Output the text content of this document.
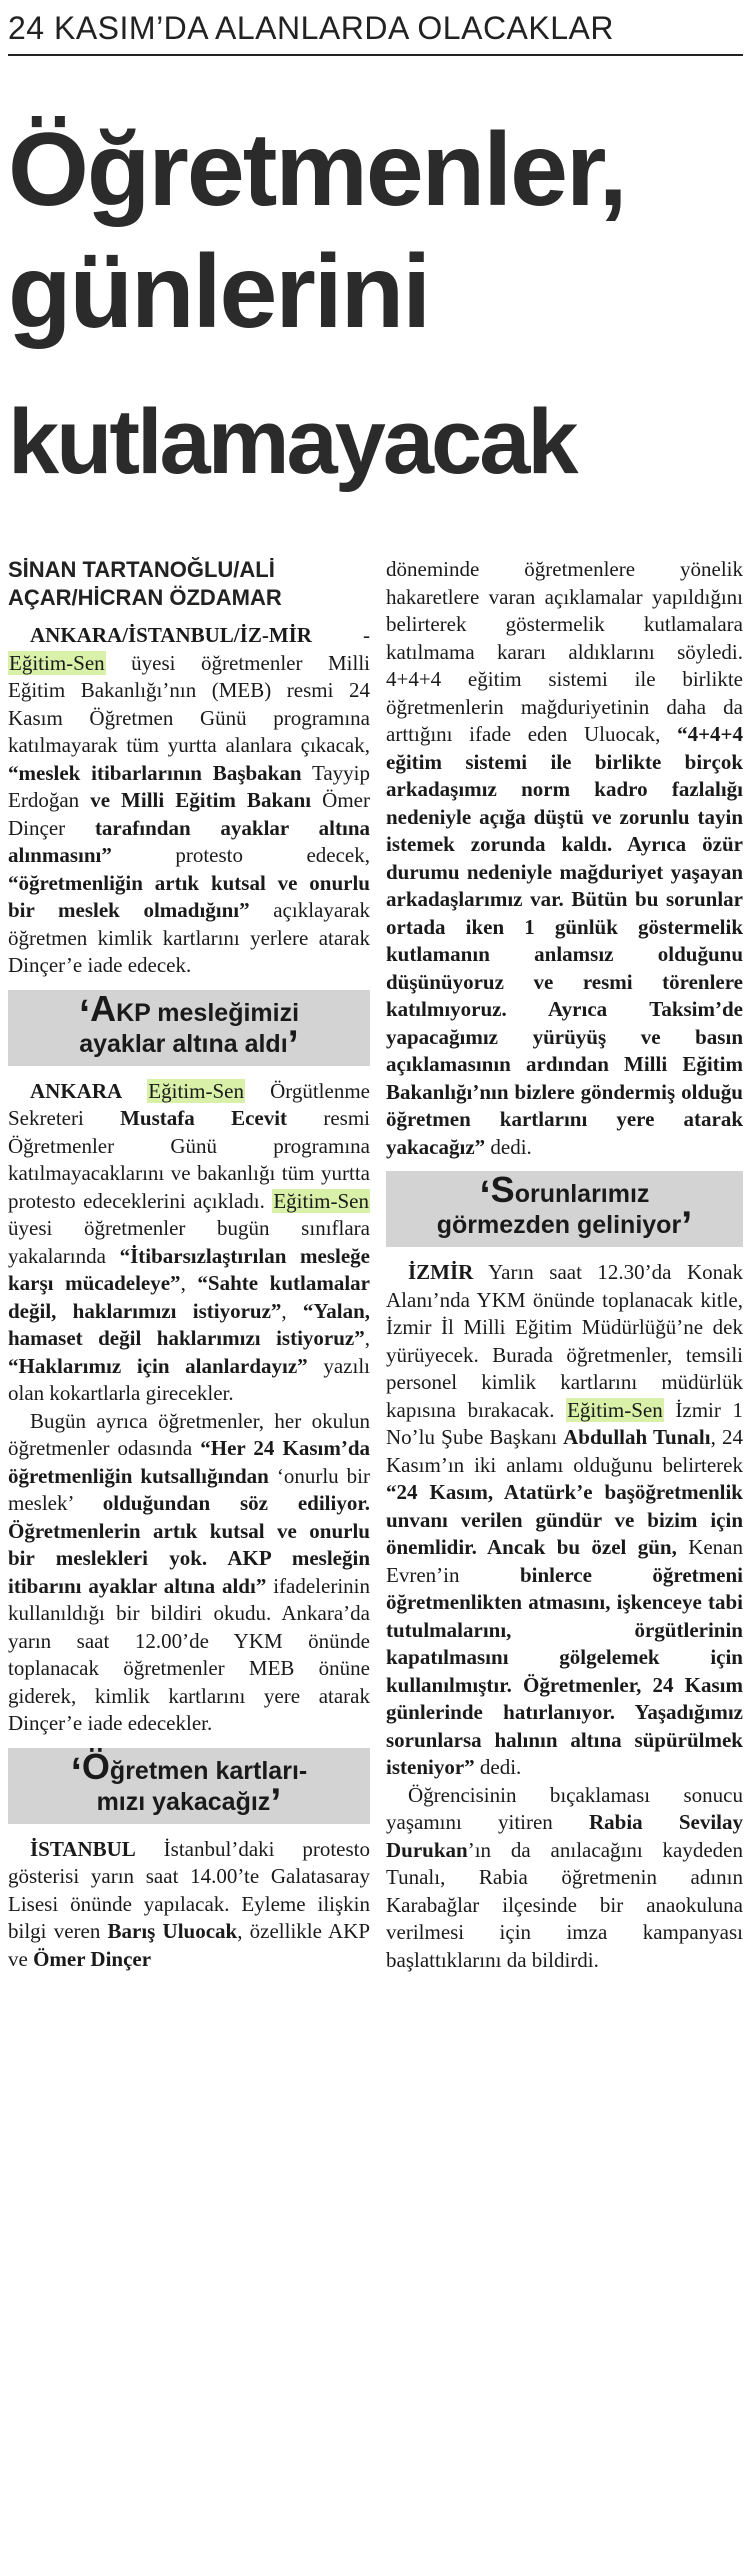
24 KASIM’DA ALANLARDA OLACAKLAR
Öğretmenler,
günlerini
kutlamayacak
SİNAN TARTANOĞLU/ALİ
AÇAR/HİCRAN ÖZDAMAR

ANKARA/İSTANBUL/İZ-MİR - Eğitim-Sen üyesi öğretmenler Milli Eğitim Bakanlığı’nın (MEB) resmi 24 Kasım Öğretmen Günü programına katılmayarak tüm yurtta alanlara çıkacak, “meslek itibarlarının Başbakan Tayyip Erdoğan ve Milli Eğitim Bakanı Ömer Dinçer tarafından ayaklar altına alınmasını” protesto edecek, “öğretmenliğin artık kutsal ve onurlu bir meslek olmadığını” açıklayarak öğretmen kimlik kartlarını yerlere atarak Dinçer’e iade edecek.

‘AKP mesleğimizi
ayaklar altına aldı’

ANKARA Eğitim-Sen Örgütlenme Sekreteri Mustafa Ecevit resmi Öğretmenler Günü programına katılmayacaklarını ve bakanlığı tüm yurtta protesto edeceklerini açıkladı. Eğitim-Sen üyesi öğretmenler bugün sınıflara yakalarında “İtibarsızlaştırılan mesleğe karşı mücadeleye”, “Sahte kutlamalar değil, haklarımızı istiyoruz”, “Yalan, hamaset değil haklarımızı istiyoruz”, “Haklarımız için alanlardayız” yazılı olan kokartlarla girecekler.

Bugün ayrıca öğretmenler, her okulun öğretmenler odasında “Her 24 Kasım’da öğretmenliğin kutsallığından ‘onurlu bir meslek’ olduğundan söz ediliyor. Öğretmenlerin artık kutsal ve onurlu bir meslekleri yok. AKP mesleğin itibarını ayaklar altına aldı” ifadelerinin kullanıldığı bir bildiri okudu. Ankara’da yarın saat 12.00’de YKM önünde toplanacak öğretmenler MEB önüne giderek, kimlik kartlarını yere atarak Dinçer’e iade edecekler.

‘Öğretmen kartları-
mızı yakacağız’

İSTANBUL İstanbul’daki protesto gösterisi yarın saat 14.00’te Galatasaray Lisesi önünde yapılacak. Eyleme ilişkin bilgi veren Barış Uluocak, özellikle AKP ve Ömer Dinçer

döneminde öğretmenlere yönelik hakaretlere varan açıklamalar yapıldığını belirterek göstermelik kutlamalara katılmama kararı aldıklarını söyledi. 4+4+4 eğitim sistemi ile birlikte öğretmenlerin mağduriyetinin daha da arttığını ifade eden Uluocak, “4+4+4 eğitim sistemi ile birlikte birçok arkadaşımız norm kadro fazlalığı nedeniyle açığa düştü ve zorunlu tayin istemek zorunda kaldı. Ayrıca özür durumu nedeniyle mağduriyet yaşayan arkadaşlarımız var. Bütün bu sorunlar ortada iken 1 günlük göstermelik kutlamanın anlamsız olduğunu düşünüyoruz ve resmi törenlere katılmıyoruz. Ayrıca Taksim’de yapacağımız yürüyüş ve basın açıklamasının ardından Milli Eğitim Bakanlığı’nın bizlere göndermiş olduğu öğretmen kartlarını yere atarak yakacağız” dedi.

‘Sorunlarımız
görmezden geliniyor’

İZMİR Yarın saat 12.30’da Konak Alanı’nda YKM önünde toplanacak kitle, İzmir İl Milli Eğitim Müdürlüğü’ne dek yürüyecek. Burada öğretmenler, temsili personel kimlik kartlarını müdürlük kapısına bırakacak. Eğitim-Sen İzmir 1 No’lu Şube Başkanı Abdullah Tunalı, 24 Kasım’ın iki anlamı olduğunu belirterek “24 Kasım, Atatürk’e başöğretmenlik unvanı verilen gündür ve bizim için önemlidir. Ancak bu özel gün, Kenan Evren’in binlerce öğretmeni öğretmenlikten atmasını, işkenceye tabi tutulmalarını, örgütlerinin kapatılmasını gölgelemek için kullanılmıştır. Öğretmenler, 24 Kasım günlerinde hatırlanıyor. Yaşadığımız sorunlarsa halının altına süpürülmek isteniyor” dedi.

Öğrencisinin bıçaklaması sonucu yaşamını yitiren Rabia Sevilay Durukan’ın da anılacağını kaydeden Tunalı, Rabia öğretmenin adının Karabağlar ilçesinde bir anaokuluna verilmesi için imza kampanyası başlattıklarını da bildirdi.
